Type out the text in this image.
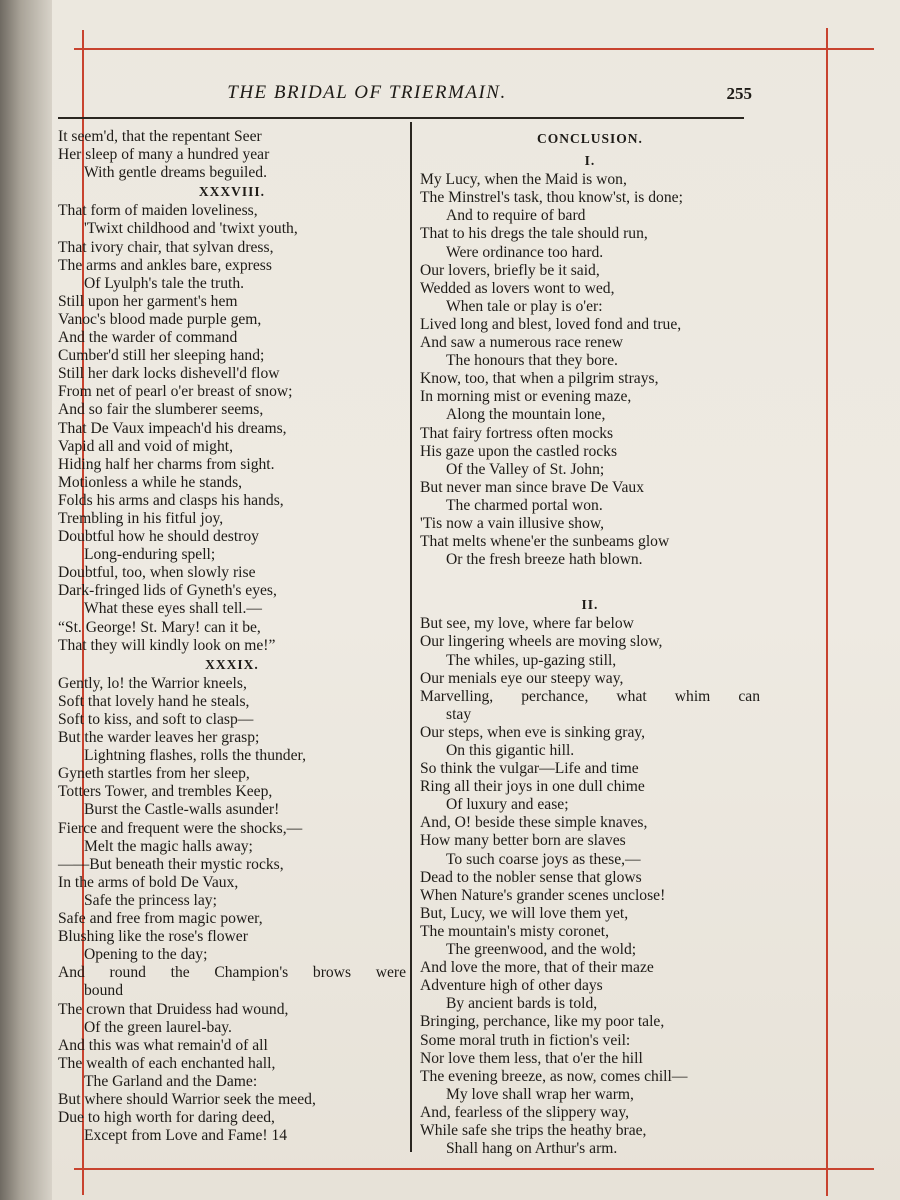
THE BRIDAL OF TRIERMAIN.	255
It seem'd, that the repentant Seer
Her sleep of many a hundred year
With gentle dreams beguiled.
XXXVIII.
That form of maiden loveliness,
'Twixt childhood and 'twixt youth,
That ivory chair, that sylvan dress,
The arms and ankles bare, express
Of Lyulph's tale the truth.
Still upon her garment's hem
Vanoc's blood made purple gem,
And the warder of command
Cumber'd still her sleeping hand;
Still her dark locks dishevell'd flow
From net of pearl o'er breast of snow;
And so fair the slumberer seems,
That De Vaux impeach'd his dreams,
Vapid all and void of might,
Hiding half her charms from sight.
Motionless a while he stands,
Folds his arms and clasps his hands,
Trembling in his fitful joy,
Doubtful how he should destroy
Long-enduring spell;
Doubtful, too, when slowly rise
Dark-fringed lids of Gyneth's eyes,
What these eyes shall tell.—
“St. George! St. Mary! can it be,
That they will kindly look on me!”
XXXIX.
Gently, lo! the Warrior kneels,
Soft that lovely hand he steals,
Soft to kiss, and soft to clasp—
But the warder leaves her grasp;
Lightning flashes, rolls the thunder,
Gyneth startles from her sleep,
Totters Tower, and trembles Keep,
Burst the Castle-walls asunder!
Fierce and frequent were the shocks,—
Melt the magic halls away;
——But beneath their mystic rocks,
In the arms of bold De Vaux,
Safe the princess lay;
Safe and free from magic power,
Blushing like the rose's flower
Opening to the day;
And round the Champion's brows were
bound
The crown that Druidess had wound,
Of the green laurel-bay.
And this was what remain'd of all
The wealth of each enchanted hall,
The Garland and the Dame:
But where should Warrior seek the meed,
Due to high worth for daring deed,
Except from Love and Fame! 14
CONCLUSION.
I.
My Lucy, when the Maid is won,
The Minstrel's task, thou know'st, is done;
And to require of bard
That to his dregs the tale should run,
Were ordinance too hard.
Our lovers, briefly be it said,
Wedded as lovers wont to wed,
When tale or play is o'er:
Lived long and blest, loved fond and true,
And saw a numerous race renew
The honours that they bore.
Know, too, that when a pilgrim strays,
In morning mist or evening maze,
Along the mountain lone,
That fairy fortress often mocks
His gaze upon the castled rocks
Of the Valley of St. John;
But never man since brave De Vaux
The charmed portal won.
'Tis now a vain illusive show,
That melts whene'er the sunbeams glow
Or the fresh breeze hath blown.
II.
But see, my love, where far below
Our lingering wheels are moving slow,
The whiles, up-gazing still,
Our menials eye our steepy way,
Marvelling, perchance, what whim can
stay
Our steps, when eve is sinking gray,
On this gigantic hill.
So think the vulgar—Life and time
Ring all their joys in one dull chime
Of luxury and ease;
And, O! beside these simple knaves,
How many better born are slaves
To such coarse joys as these,—
Dead to the nobler sense that glows
When Nature's grander scenes unclose!
But, Lucy, we will love them yet,
The mountain's misty coronet,
The greenwood, and the wold;
And love the more, that of their maze
Adventure high of other days
By ancient bards is told,
Bringing, perchance, like my poor tale,
Some moral truth in fiction's veil:
Nor love them less, that o'er the hill
The evening breeze, as now, comes chill—
My love shall wrap her warm,
And, fearless of the slippery way,
While safe she trips the heathy brae,
Shall hang on Arthur's arm.
